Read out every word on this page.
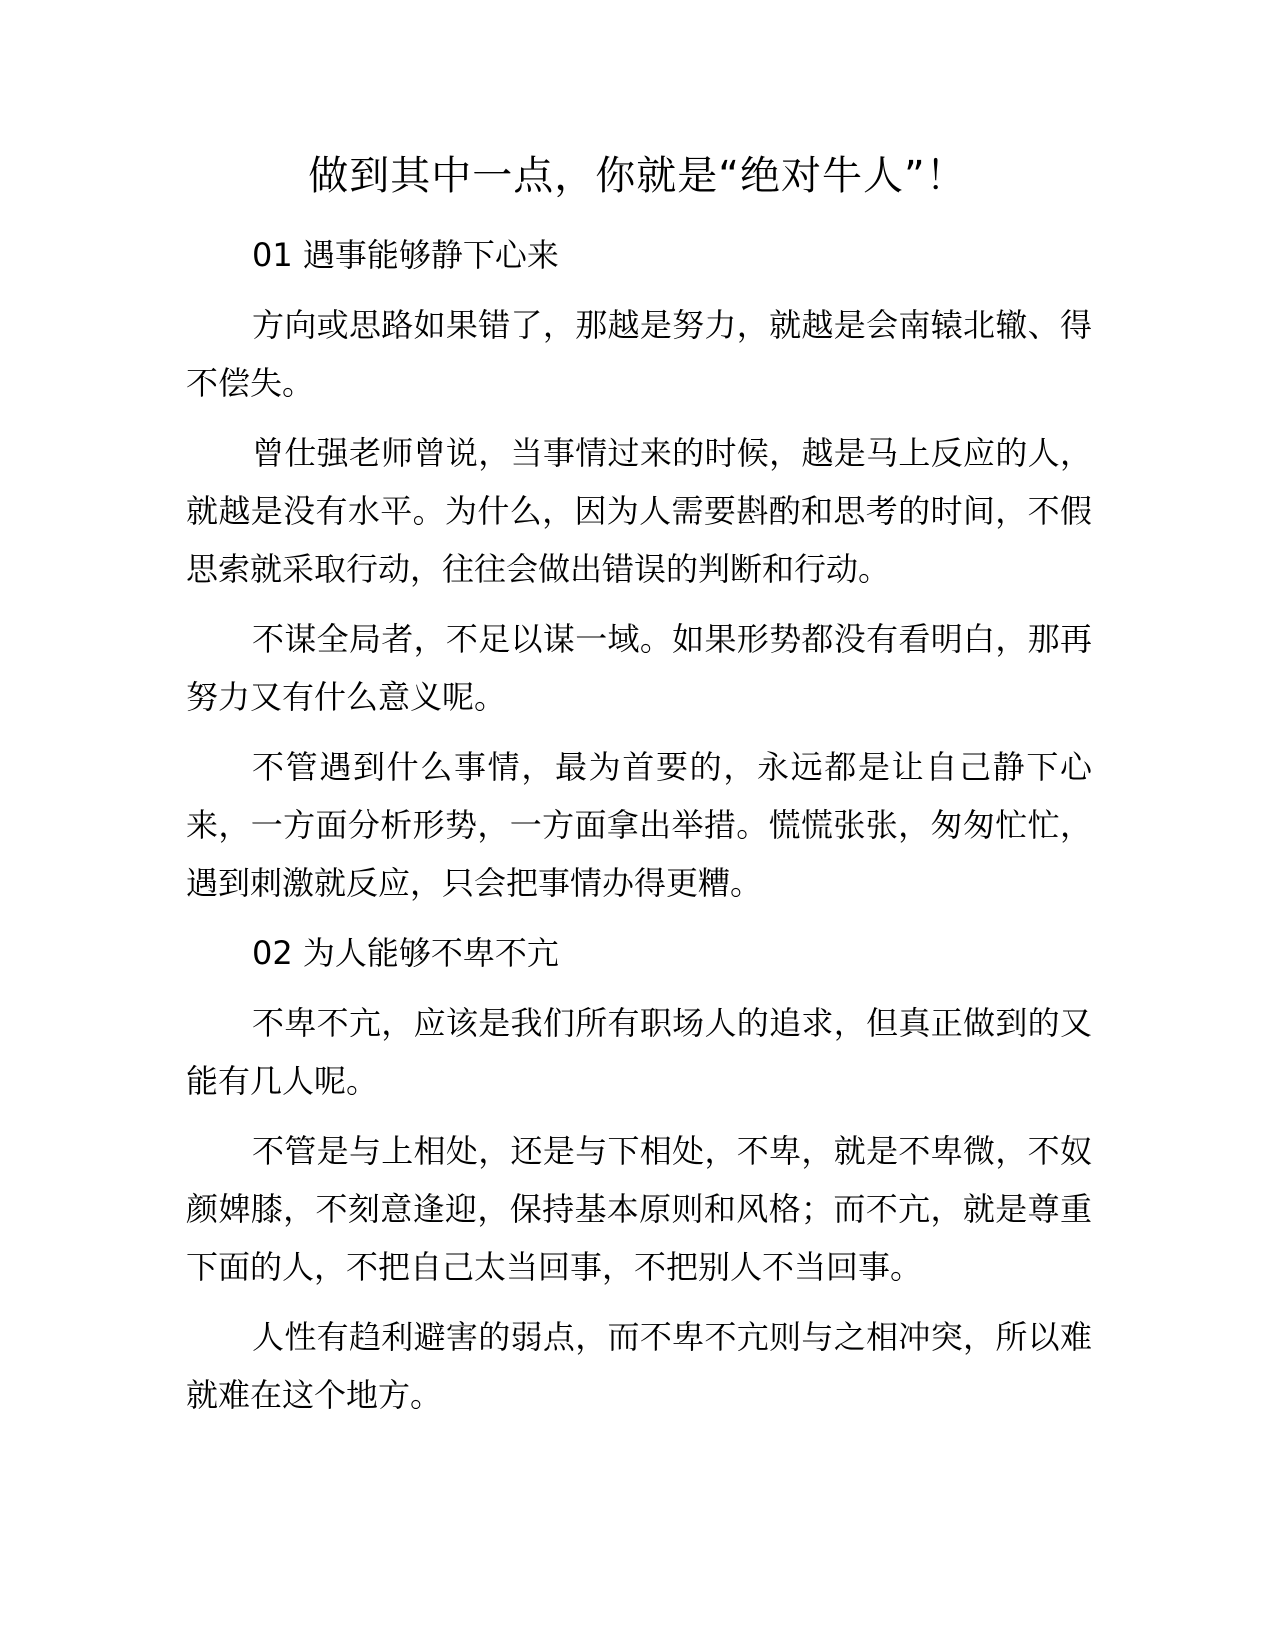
做到其中一点，你就是“绝对牛人”！

01 遇事能够静下心来

方向或思路如果错了，那越是努力，就越是会南辕北辙、得不偿失。

曾仕强老师曾说，当事情过来的时候，越是马上反应的人，就越是没有水平。为什么，因为人需要斟酌和思考的时间，不假思索就采取行动，往往会做出错误的判断和行动。

不谋全局者，不足以谋一域。如果形势都没有看明白，那再努力又有什么意义呢。

不管遇到什么事情，最为首要的，永远都是让自己静下心来，一方面分析形势，一方面拿出举措。慌慌张张，匆匆忙忙，遇到刺激就反应，只会把事情办得更糟。

02 为人能够不卑不亢

不卑不亢，应该是我们所有职场人的追求，但真正做到的又能有几人呢。

不管是与上相处，还是与下相处，不卑，就是不卑微，不奴颜婢膝，不刻意逢迎，保持基本原则和风格；而不亢，就是尊重下面的人，不把自己太当回事，不把别人不当回事。

人性有趋利避害的弱点，而不卑不亢则与之相冲突，所以难就难在这个地方。
